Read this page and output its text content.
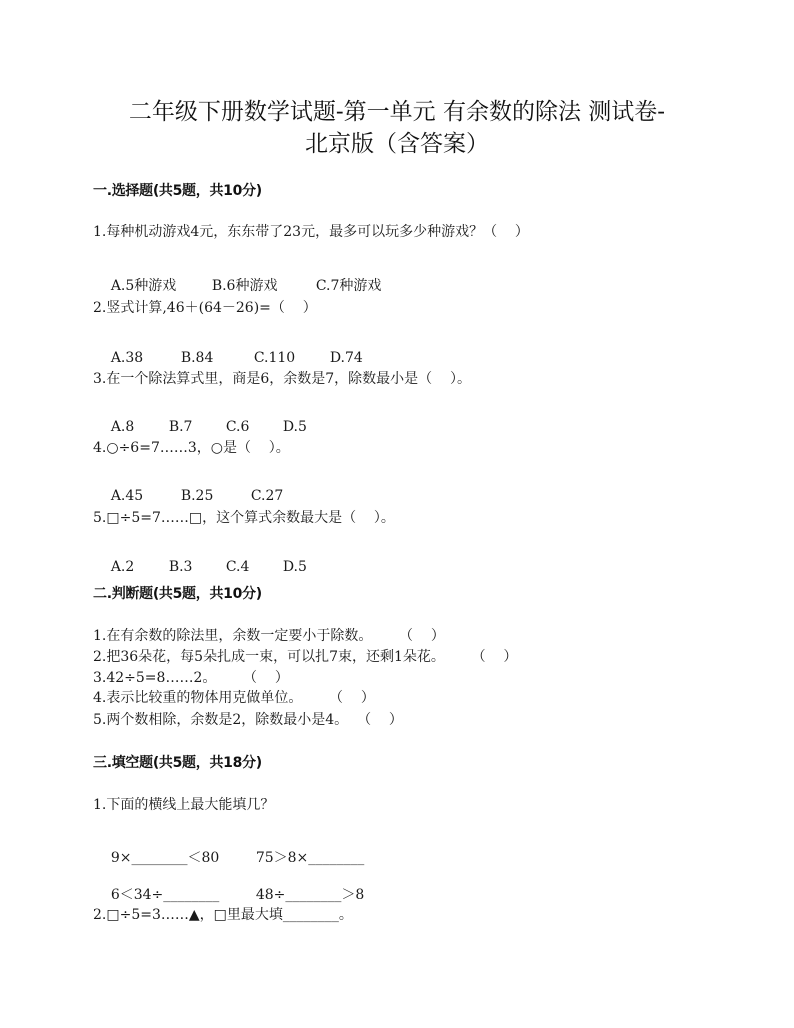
二年级下册数学试题-第一单元 有余数的除法 测试卷-
北京版（含答案）
一.选择题(共5题，共10分)
1.每种机动游戏4元，东东带了23元，最多可以玩多少种游戏？（    ）

A.5种游戏	B.6种游戏	C.7种游戏

2.竖式计算,46＋(64－26)=（    ）

A.38	B.84	C.110 D.74

3.在一个除法算式里，商是6，余数是7，除数最小是（    ）。

A.8 B.7 C.6 D.5

4.○÷6=7……3，○是（    ）。

A.45	B.25	C.27

5.□÷5=7……□，这个算式余数最大是（    ）。

A.2 B.3 C.4 D.5

二.判断题(共5题，共10分)
1.在有余数的除法里，余数一定要小于除数。      （    ）
2.把36朵花，每5朵扎成一束，可以扎7束，还剩1朵花。      （    ）
3.42÷5=8……2。      （    ）
4.表示比较重的物体用克做单位。      （    ）
5.两个数相除，余数是2，除数最小是4。  （    ）
三.填空题(共5题，共18分)
1.下面的横线上最大能填几？

9×________＜80	75＞8×________

6＜34÷________	48÷________＞8

2.□÷5=3……▲，□里最大填________。
